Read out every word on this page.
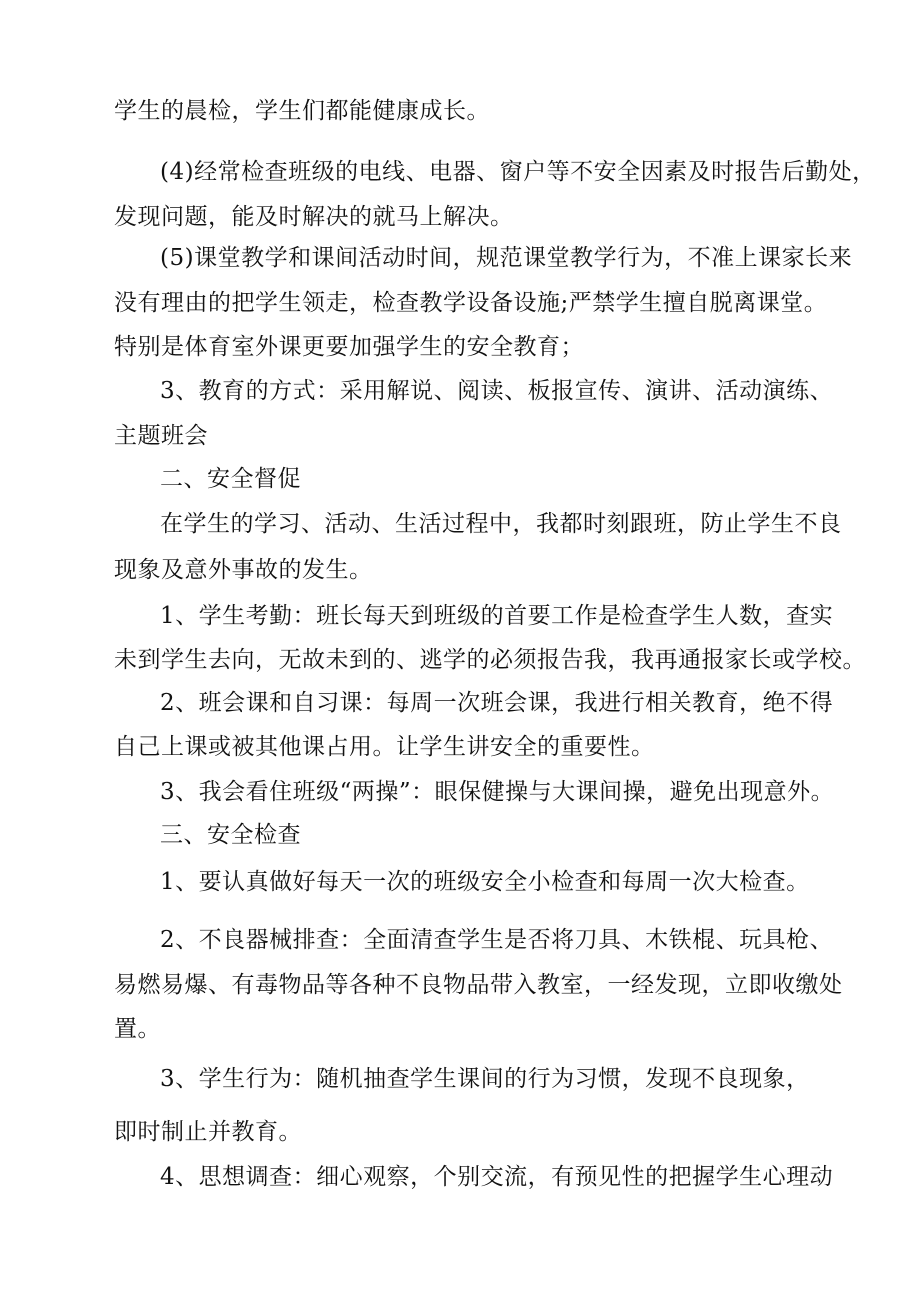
学生的晨检，学生们都能健康成长。
(4)经常检查班级的电线、电器、窗户等不安全因素及时报告后勤处，
发现问题，能及时解决的就马上解决。
(5)课堂教学和课间活动时间，规范课堂教学行为，不准上课家长来
没有理由的把学生领走，检查教学设备设施;严禁学生擅自脱离课堂。
特别是体育室外课更要加强学生的安全教育；
3、教育的方式：采用解说、阅读、板报宣传、演讲、活动演练、
主题班会
二、安全督促
在学生的学习、活动、生活过程中，我都时刻跟班，防止学生不良
现象及意外事故的发生。
1、学生考勤：班长每天到班级的首要工作是检查学生人数，查实
未到学生去向，无故未到的、逃学的必须报告我，我再通报家长或学校。
2、班会课和自习课：每周一次班会课，我进行相关教育，绝不得
自己上课或被其他课占用。让学生讲安全的重要性。
3、我会看住班级“两操”：眼保健操与大课间操，避免出现意外。
三、安全检查
1、要认真做好每天一次的班级安全小检查和每周一次大检查。
2、不良器械排查：全面清查学生是否将刀具、木铁棍、玩具枪、
易燃易爆、有毒物品等各种不良物品带入教室，一经发现，立即收缴处
置。
3、学生行为：随机抽查学生课间的行为习惯，发现不良现象，
即时制止并教育。
4、思想调查：细心观察，个别交流，有预见性的把握学生心理动
